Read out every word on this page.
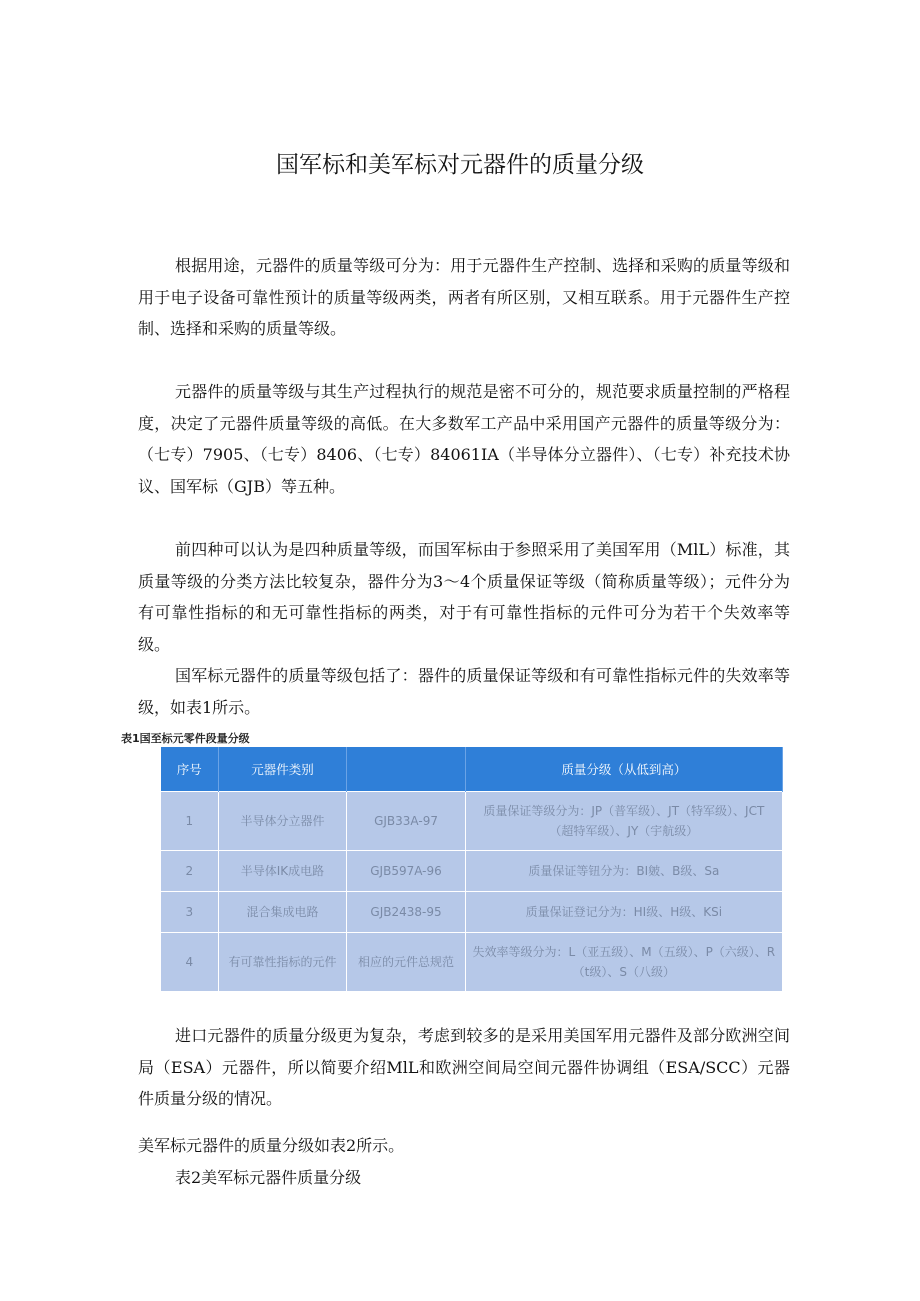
国军标和美军标对元器件的质量分级

根据用途，元器件的质量等级可分为：用于元器件生产控制、选择和采购的质量等级和用于电子设备可靠性预计的质量等级两类，两者有所区别，又相互联系。用于元器件生产控制、选择和采购的质量等级。

元器件的质量等级与其生产过程执行的规范是密不可分的，规范要求质量控制的严格程度，决定了元器件质量等级的高低。在大多数军工产品中采用国产元器件的质量等级分为：（七专）7905、（七专）8406、（七专）84061IA（半导体分立器件）、（七专）补充技术协议、国军标（GJB）等五种。

前四种可以认为是四种质量等级，而国军标由于参照采用了美国军用（MlL）标准，其质量等级的分类方法比较复杂，器件分为3～4个质量保证等级（简称质量等级）；元件分为有可靠性指标的和无可靠性指标的两类，对于有可靠性指标的元件可分为若干个失效率等级。

国军标元器件的质量等级包括了：器件的质量保证等级和有可靠性指标元件的失效率等级，如表1所示。

表1国至标元零件段量分级
序号	元器件类别		质量分级（从低到高）
1	半导体分立器件	GJB33A-97	质量保证等级分为：JP（普军级）、JT（特军级）、JCT（超特军级）、JY（宇航级）
2	半导体IK成电路	GJB597A-96	质量保证等钮分为：BI皴、B级、Sa
3	混合集成电路	GJB2438-95	质量保证登记分为：HI级、H级、KSi
4	有可靠性指标的元件	相应的元件总规范	失效率等级分为：L（亚五级）、M（五级）、P（六级）、R（t级）、S（八级）

进口元器件的质量分级更为复杂，考虑到较多的是采用美国军用元器件及部分欧洲空间局（ESA）元器件，所以简要介绍MlL和欧洲空间局空间元器件协调组（ESA/SCC）元器件质量分级的情况。

美军标元器件的质量分级如表2所示。

表2美军标元器件质量分级
